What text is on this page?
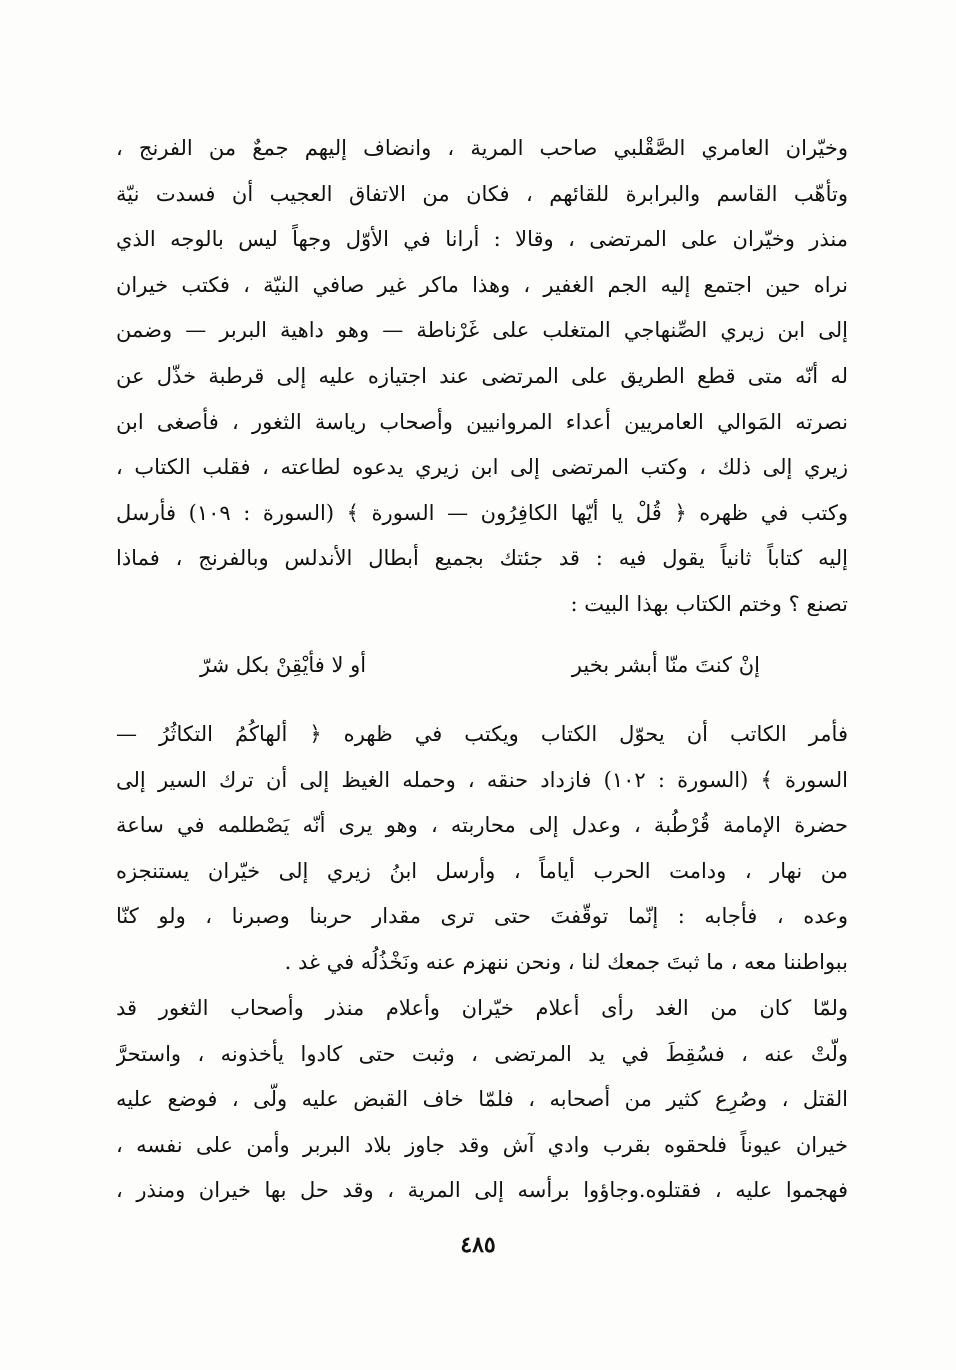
وخيّران العامري الصَّقْلبي صاحب المرية ، وانضاف إليهم جمعٌ من الفرنج ،
وتأهّب القاسم والبرابرة للقائهم ، فكان من الاتفاق العجيب أن فسدت نيّة
منذر وخيّران على المرتضى ، وقالا : أرانا في الأوّل وجهاً ليس بالوجه الذي
نراه حين اجتمع إليه الجم الغفير ، وهذا ماكر غير صافي النيّة ، فكتب خيران
إلى ابن زيري الصِّنهاجي المتغلب على غَرْناطة — وهو داهية البربر — وضمن
له أنّه متى قطع الطريق على المرتضى عند اجتيازه عليه إلى قرطبة خذّل عن
نصرته المَوالي العامريين أعداء المروانيين وأصحاب رياسة الثغور ، فأصغى ابن
زيري إلى ذلك ، وكتب المرتضى إلى ابن زيري يدعوه لطاعته ، فقلب الكتاب ،
وكتب في ظهره ﴿ قُلْ يا أيّها الكافِرُون — السورة ﴾ (السورة : ١٠٩) فأرسل
إليه كتاباً ثانياً يقول فيه : قد جئتك بجميع أبطال الأندلس وبالفرنج ، فماذا
تصنع ؟ وختم الكتاب بهذا البيت :
إنْ كنتَ منّا أبشر بخير
أو لا فأيْقِنْ بكل شرّ
فأمر الكاتب أن يحوّل الكتاب ويكتب في ظهره ﴿ ألهاكُمُ التكاثُرُ —
السورة ﴾ (السورة : ١٠٢) فازداد حنقه ، وحمله الغيظ إلى أن ترك السير إلى
حضرة الإمامة قُرْطُبة ، وعدل إلى محاربته ، وهو يرى أنّه يَصْطلمه في ساعة
من نهار ، ودامت الحرب أياماً ، وأرسل ابنُ زيري إلى خيّران يستنجزه
وعده ، فأجابه : إنّما توقّفتَ حتى ترى مقدار حربنا وصبرنا ، ولو كنّا
ببواطننا معه ، ما ثبتَ جمعك لنا ، ونحن ننهزم عنه ونَخْذُلُه في غد .
ولمّا كان من الغد رأى أعلام خيّران وأعلام منذر وأصحاب الثغور قد
ولّتْ عنه ، فسُقِطَ في يد المرتضى ، وثبت حتى كادوا يأخذونه ، واستحرَّ
القتل ، وصُرِع كثير من أصحابه ، فلمّا خاف القبض عليه ولّى ، فوضع عليه
خيران عيوناً فلحقوه بقرب وادي آش وقد جاوز بلاد البربر وأمن على نفسه ،
فهجموا عليه ، فقتلوه.وجاؤوا برأسه إلى المرية ، وقد حل بها خيران ومنذر ،
٤٨٥
